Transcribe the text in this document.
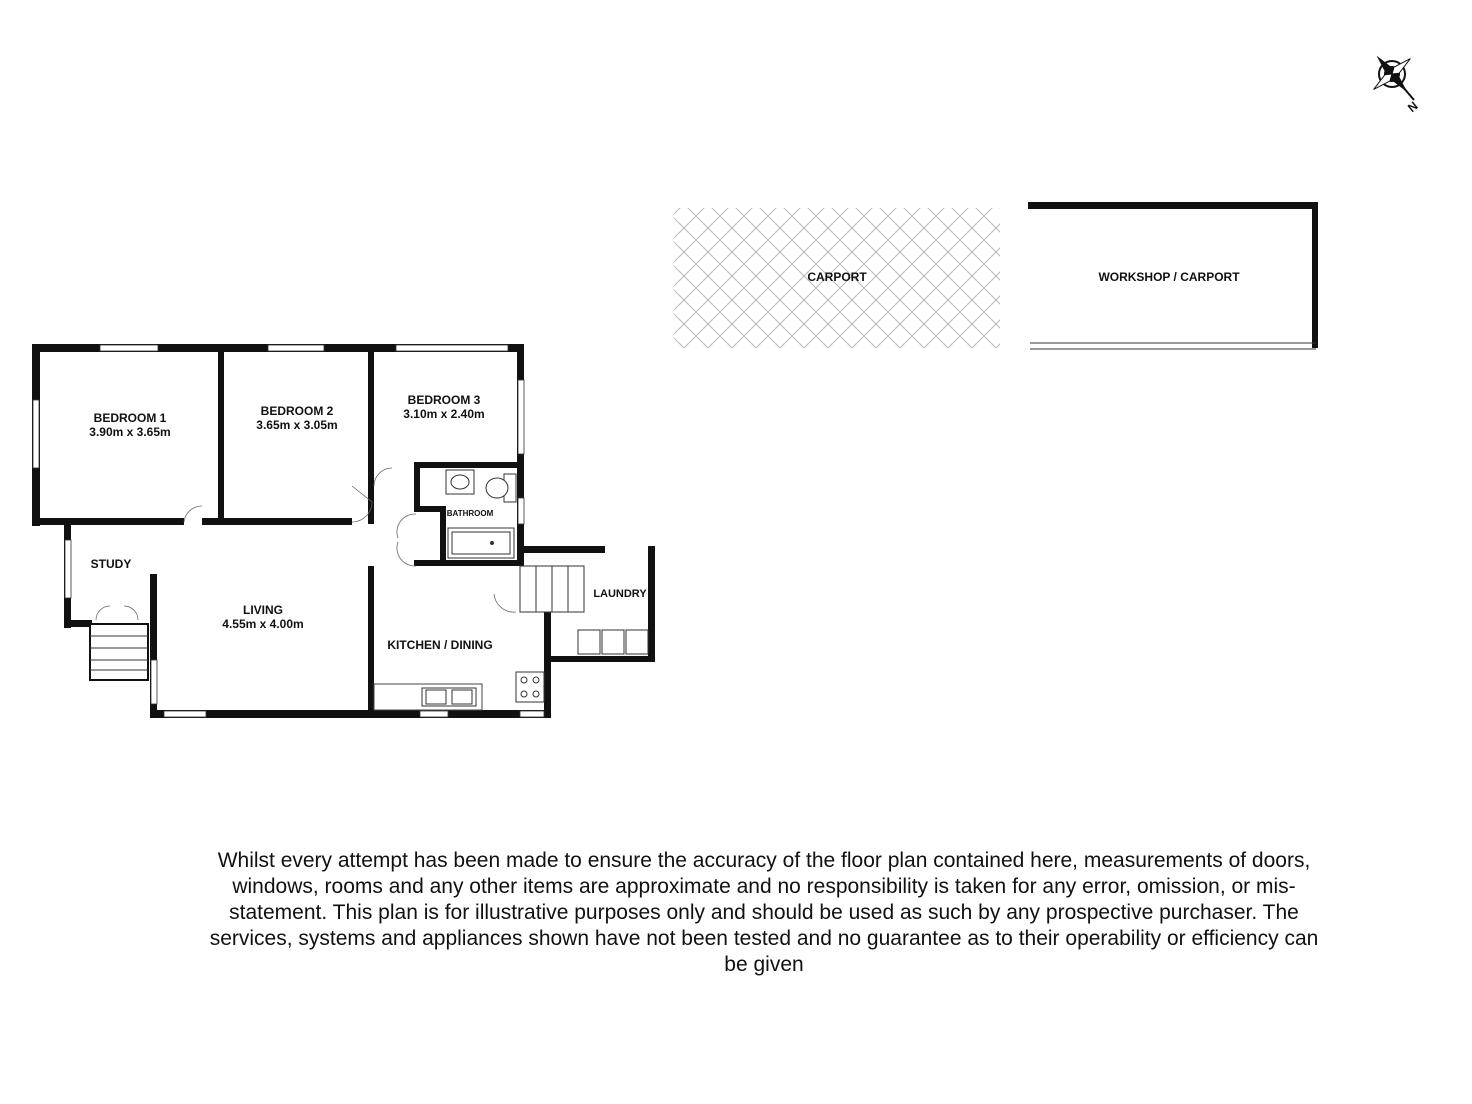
N
CARPORT	WORKSHOP / CARPORT
BEDROOM 1
3.90m x 3.65m
BEDROOM 2
3.65m x 3.05m
BEDROOM 3
3.10m x 2.40m
BATHROOM
STUDY
LIVING
4.55m x 4.00m
KITCHEN / DINING
LAUNDRY

Whilst every attempt has been made to ensure the accuracy of the floor plan contained here, measurements of doors, windows, rooms and any other items are approximate and no responsibility is taken for any error, omission, or mis-statement. This plan is for illustrative purposes only and should be used as such by any prospective purchaser. The services, systems and appliances shown have not been tested and no guarantee as to their operability or efficiency can be given
